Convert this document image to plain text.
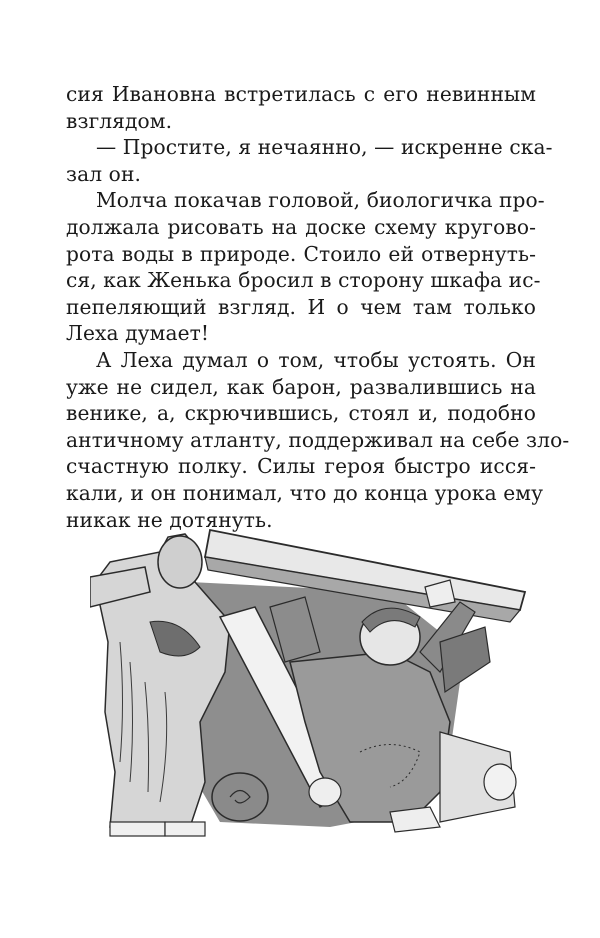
сия Ивановна встретилась с его невинным
взглядом.
— Простите, я нечаянно, — искренне ска-
зал он.
Молча покачав головой, биологичка про-
должала рисовать на доске схему кругово-
рота воды в природе. Стоило ей отвернуть-
ся, как Женька бросил в сторону шкафа ис-
пепеляющий взгляд. И о чем там только
Леха думает!
А Леха думал о том, чтобы устоять. Он
уже не сидел, как барон, развалившись на
венике, а, скрючившись, стоял и, подобно
античному атланту, поддерживал на себе зло-
счастную полку. Силы героя быстро исся-
кали, и он понимал, что до конца урока ему
никак не дотянуть.
